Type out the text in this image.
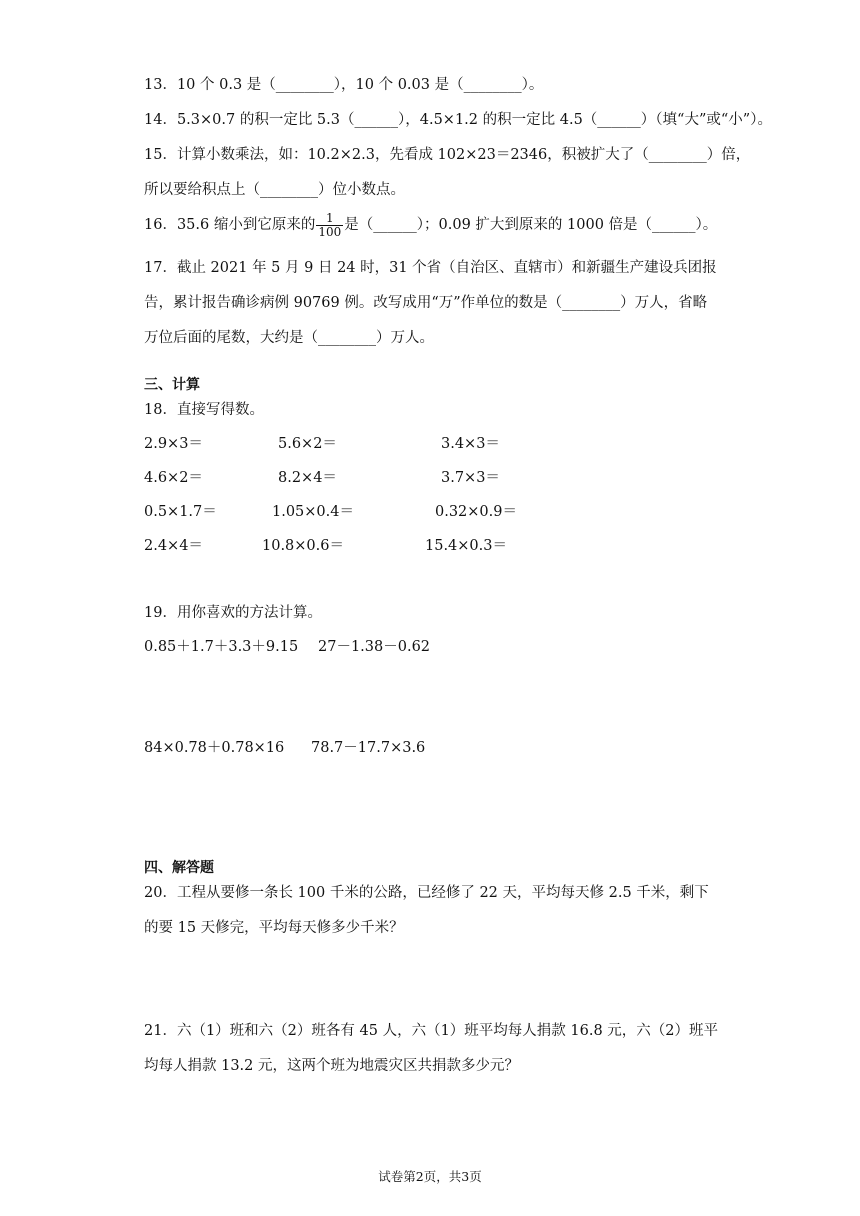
13．10 个 0.3 是（________），10 个 0.03 是（________）。
14．5.3×0.7 的积一定比 5.3（______），4.5×1.2 的积一定比 4.5（______）（填“大”或“小”）。
15．计算小数乘法，如：10.2×2.3，先看成 102×23＝2346，积被扩大了（________）倍，
所以要给积点上（________）位小数点。
16．35.6 缩小到它原来的 $\frac{1}{100}$ 是（______）；0.09 扩大到原来的 1000 倍是（______）。
17．截止 2021 年 5 月 9 日 24 时，31 个省（自治区、直辖市）和新疆生产建设兵团报
告，累计报告确诊病例 90769 例。改写成用“万”作单位的数是（________）万人，省略
万位后面的尾数，大约是（________）万人。
三、计算
18．直接写得数。
2.9×3＝	5.6×2＝	3.4×3＝
4.6×2＝	8.2×4＝	3.7×3＝
0.5×1.7＝	1.05×0.4＝	0.32×0.9＝
2.4×4＝	10.8×0.6＝	15.4×0.3＝
19．用你喜欢的方法计算。
0.85＋1.7＋3.3＋9.15 27－1.38－0.62
84×0.78＋0.78×16 78.7－17.7×3.6
四、解答题
20．工程从要修一条长 100 千米的公路，已经修了 22 天，平均每天修 2.5 千米，剩下
的要 15 天修完，平均每天修多少千米？
21．六（1）班和六（2）班各有 45 人，六（1）班平均每人捐款 16.8 元，六（2）班平
均每人捐款 13.2 元，这两个班为地震灾区共捐款多少元？
试卷第2页，共3页
